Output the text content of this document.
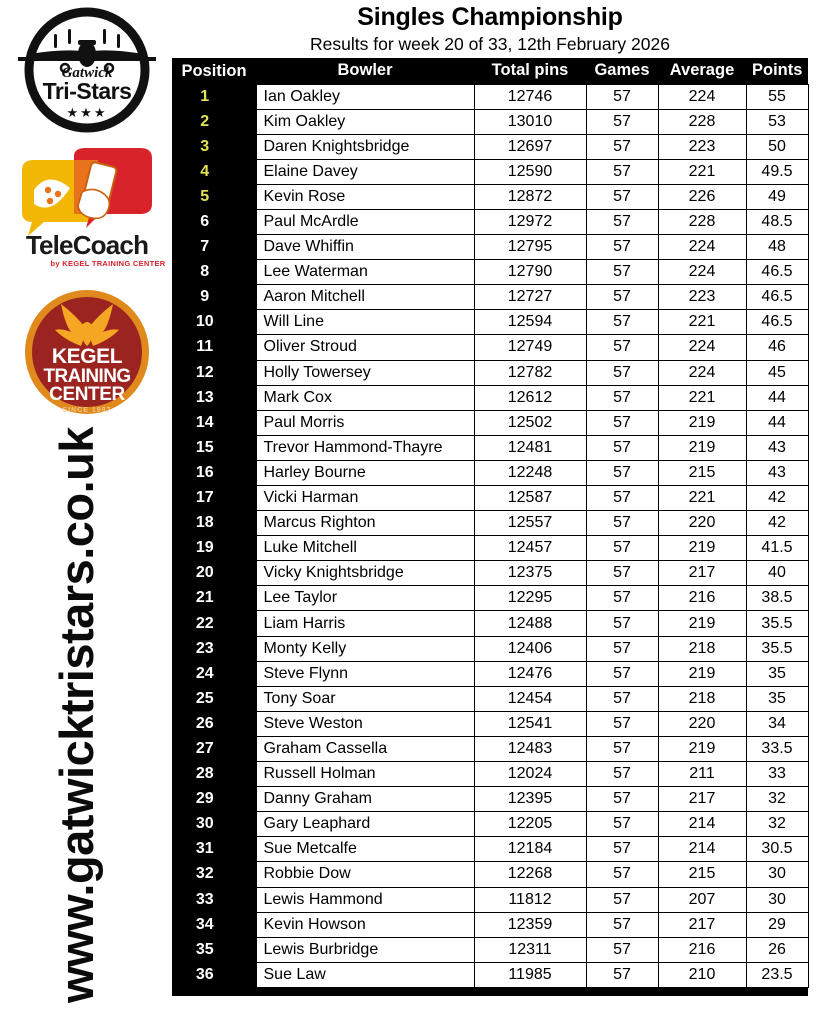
Gatwick
Tri-Stars
★★★
TeleCoach
by KEGEL TRAINING CENTER
KEGEL
TRAINING
CENTER
SINCE 1997
www.gatwicktristars.co.uk
Singles Championship
Results for week 20 of 33, 12th February 2026
Position	Bowler	Total pins	Games	Average	Points
1	Ian Oakley	12746	57	224	55
2	Kim Oakley	13010	57	228	53
3	Daren Knightsbridge	12697	57	223	50
4	Elaine Davey	12590	57	221	49.5
5	Kevin Rose	12872	57	226	49
6	Paul McArdle	12972	57	228	48.5
7	Dave Whiffin	12795	57	224	48
8	Lee Waterman	12790	57	224	46.5
9	Aaron Mitchell	12727	57	223	46.5
10	Will Line	12594	57	221	46.5
11	Oliver Stroud	12749	57	224	46
12	Holly Towersey	12782	57	224	45
13	Mark Cox	12612	57	221	44
14	Paul Morris	12502	57	219	44
15	Trevor Hammond-Thayre	12481	57	219	43
16	Harley Bourne	12248	57	215	43
17	Vicki Harman	12587	57	221	42
18	Marcus Righton	12557	57	220	42
19	Luke Mitchell	12457	57	219	41.5
20	Vicky Knightsbridge	12375	57	217	40
21	Lee Taylor	12295	57	216	38.5
22	Liam Harris	12488	57	219	35.5
23	Monty Kelly	12406	57	218	35.5
24	Steve Flynn	12476	57	219	35
25	Tony Soar	12454	57	218	35
26	Steve Weston	12541	57	220	34
27	Graham Cassella	12483	57	219	33.5
28	Russell Holman	12024	57	211	33
29	Danny Graham	12395	57	217	32
30	Gary Leaphard	12205	57	214	32
31	Sue Metcalfe	12184	57	214	30.5
32	Robbie Dow	12268	57	215	30
33	Lewis Hammond	11812	57	207	30
34	Kevin Howson	12359	57	217	29
35	Lewis Burbridge	12311	57	216	26
36	Sue Law	11985	57	210	23.5
